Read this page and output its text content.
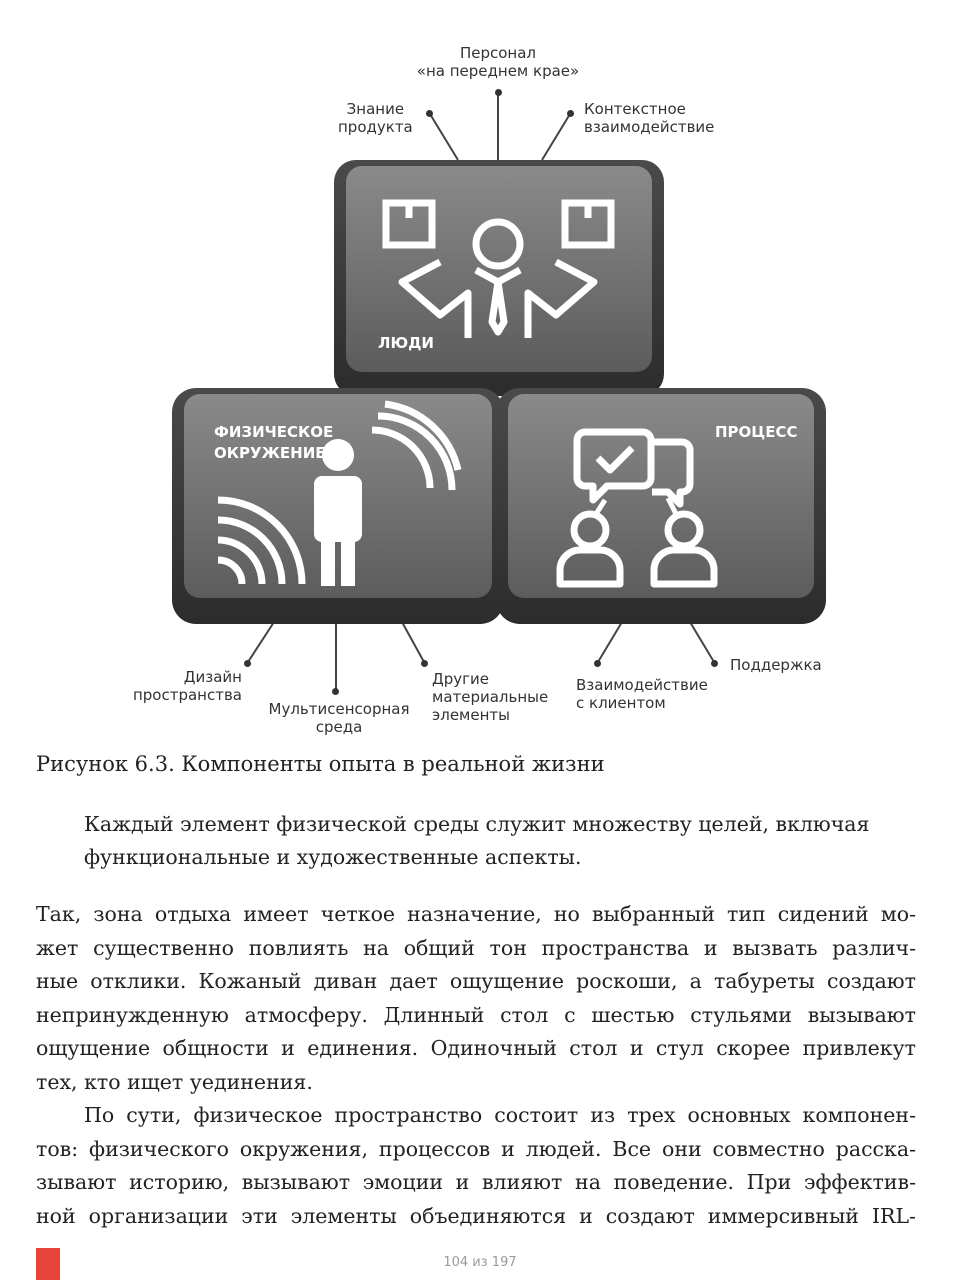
ЛЮДИ
ФИЗИЧЕСКОЕ
ОКРУЖЕНИЕ
ПРОЦЕСС
Персонал
«на переднем крае»
Знание
продукта
Контекстное
взаимодействие
Дизайн
пространства
Мультисенсорная
среда
Другие
материальные
элементы
Взаимодействие
с клиентом
Поддержка
Рисунок 6.3. Компоненты опыта в реальной жизни
Каждый элемент физической среды служит множеству целей, включая функциональные и художественные аспекты.

Так, зона отдыха имеет четкое назначение, но выбранный тип сидений мо-

жет существенно повлиять на общий тон пространства и вызвать различ-

ные отклики. Кожаный диван дает ощущение роскоши, а табуреты создают

непринужденную атмосферу. Длинный стол с шестью стульями вызывают

ощущение общности и единения. Одиночный стол и стул скорее привлекут

тех, кто ищет уединения.

По сути, физическое пространство состоит из трех основных компонен-

тов: физического окружения, процессов и людей. Все они совместно расска-

зывают историю, вызывают эмоции и влияют на поведение. При эффектив-

ной организации эти элементы объединяются и создают иммерсивный IRL-

104 из 197
